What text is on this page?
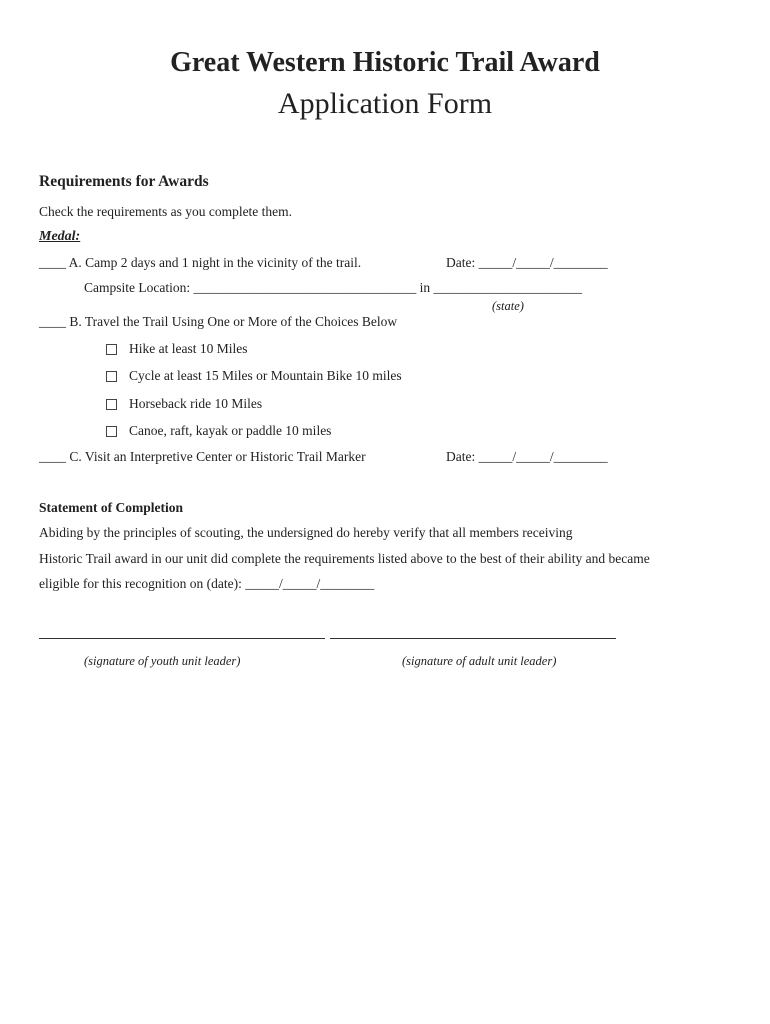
Great Western Historic Trail Award
Application Form
Requirements for Awards
Check the requirements as you complete them.
Medal:
____ A. Camp 2 days and 1 night in the vicinity of the trail.	Date: _____/_____/________
Campsite Location: _________________________________ in ______________________
(state)
____ B. Travel the Trail Using One or More of the Choices Below
Hike at least 10 Miles
Cycle at least 15 Miles or Mountain Bike 10 miles
Horseback ride 10 Miles
Canoe, raft, kayak or paddle 10 miles
____ C. Visit an Interpretive Center or Historic Trail Marker	Date: _____/_____/________
Statement of Completion
Abiding by the principles of scouting, the undersigned do hereby verify that all members receiving
Historic Trail award in our unit did complete the requirements listed above to the best of their ability and became
eligible for this recognition on (date): _____/_____/________
(signature of youth unit leader)	(signature of adult unit leader)
